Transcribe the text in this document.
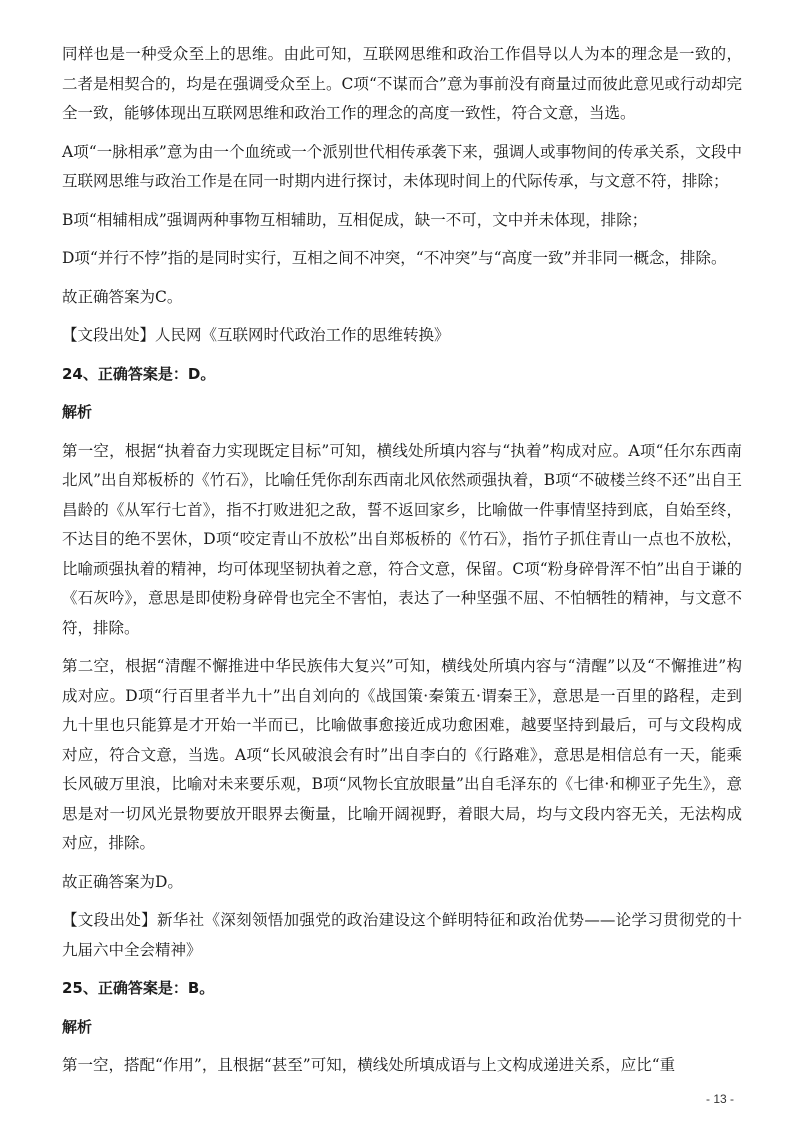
同样也是一种受众至上的思维。由此可知，互联网思维和政治工作倡导以人为本的理念是一致的，二者是相契合的，均是在强调受众至上。C项“不谋而合”意为事前没有商量过而彼此意见或行动却完全一致，能够体现出互联网思维和政治工作的理念的高度一致性，符合文意，当选。

A项“一脉相承”意为由一个血统或一个派别世代相传承袭下来，强调人或事物间的传承关系，文段中互联网思维与政治工作是在同一时期内进行探讨，未体现时间上的代际传承，与文意不符，排除；

B项“相辅相成”强调两种事物互相辅助，互相促成，缺一不可，文中并未体现，排除；

D项“并行不悖”指的是同时实行，互相之间不冲突，“不冲突”与“高度一致”并非同一概念，排除。

故正确答案为C。

【文段出处】人民网《互联网时代政治工作的思维转换》

24、正确答案是：D。

解析

第一空，根据“执着奋力实现既定目标”可知，横线处所填内容与“执着”构成对应。A项“任尔东西南北风”出自郑板桥的《竹石》，比喻任凭你刮东西南北风依然顽强执着，B项“不破楼兰终不还”出自王昌龄的《从军行七首》，指不打败进犯之敌，誓不返回家乡，比喻做一件事情坚持到底，自始至终，不达目的绝不罢休，D项“咬定青山不放松”出自郑板桥的《竹石》，指竹子抓住青山一点也不放松，比喻顽强执着的精神，均可体现坚韧执着之意，符合文意，保留。C项“粉身碎骨浑不怕”出自于谦的《石灰吟》，意思是即使粉身碎骨也完全不害怕，表达了一种坚强不屈、不怕牺牲的精神，与文意不符，排除。

第二空，根据“清醒不懈推进中华民族伟大复兴”可知，横线处所填内容与“清醒”以及“不懈推进”构成对应。D项“行百里者半九十”出自刘向的《战国策·秦策五·谓秦王》，意思是一百里的路程，走到九十里也只能算是才开始一半而已，比喻做事愈接近成功愈困难，越要坚持到最后，可与文段构成对应，符合文意，当选。A项“长风破浪会有时”出自李白的《行路难》，意思是相信总有一天，能乘长风破万里浪，比喻对未来要乐观，B项“风物长宜放眼量”出自毛泽东的《七律·和柳亚子先生》，意思是对一切风光景物要放开眼界去衡量，比喻开阔视野，着眼大局，均与文段内容无关，无法构成对应，排除。

故正确答案为D。

【文段出处】新华社《深刻领悟加强党的政治建设这个鲜明特征和政治优势——论学习贯彻党的十九届六中全会精神》

25、正确答案是：B。

解析

第一空，搭配“作用”，且根据“甚至”可知，横线处所填成语与上文构成递进关系，应比“重

- 13 -
